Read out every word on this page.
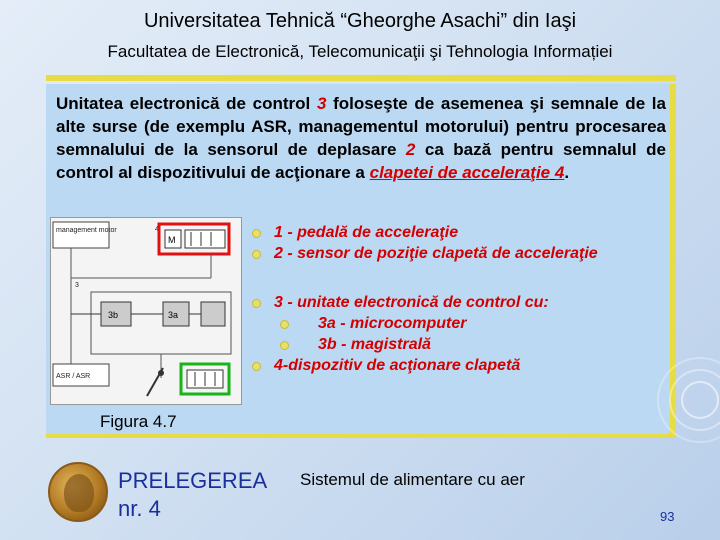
Universitatea Tehnică “Gheorghe Asachi” din Iaşi
Facultatea de Electronică, Telecomunicaţii şi Tehnologia Informației
Unitatea electronică de control 3 foloseşte de asemenea şi semnale de la alte surse (de exemplu ASR, managementul motorului) pentru procesarea semnalului de la sensorul de deplasare 2 ca bază pentru semnalul de control al dispozitivului de acţionare a clapetei de acceleraţie 4.
management motor
M
4
3
3b	3a
ASR / ASR
1 - pedală de acceleraţie
2 - sensor de poziţie clapetă de acceleraţie
3 - unitate electronică de control cu:
3a - microcomputer
3b - magistrală
4-dispozitiv de acţionare clapetă
Figura 4.7
PRELEGEREA
nr. 4
Sistemul de alimentare cu aer
93
